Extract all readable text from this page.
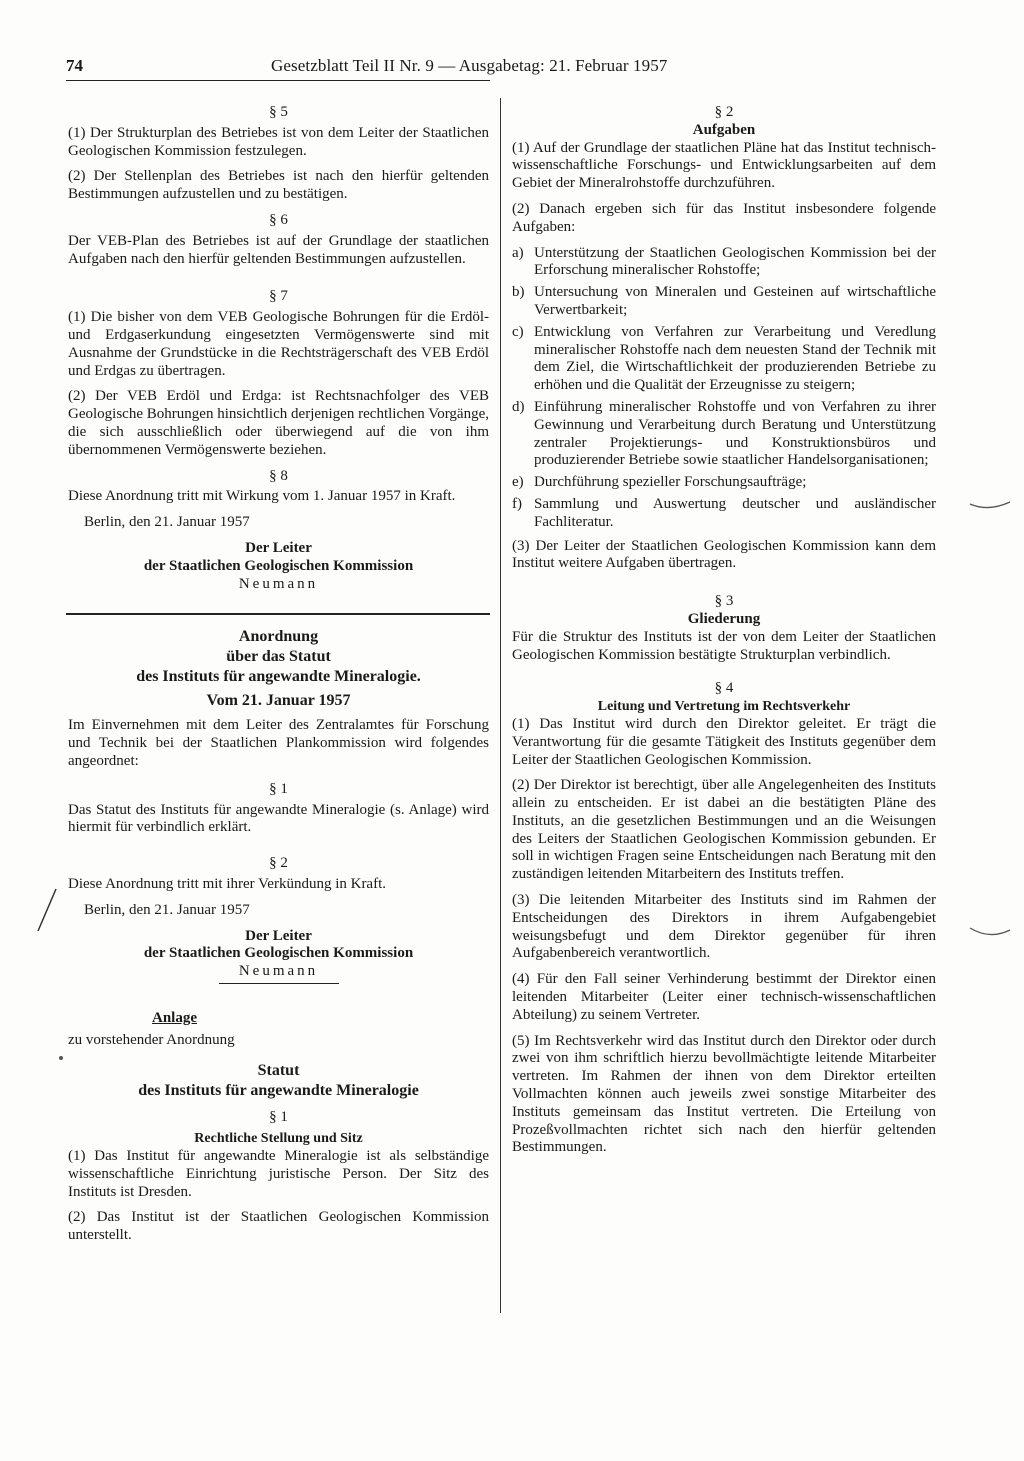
74	Gesetzblatt Teil II Nr. 9 — Ausgabetag: 21. Februar 1957
§ 5

(1) Der Strukturplan des Betriebes ist von dem Leiter der Staatlichen Geologischen Kommission festzulegen.

(2) Der Stellenplan des Betriebes ist nach den hierfür geltenden Bestimmungen aufzustellen und zu bestätigen.

§ 6

Der VEB-Plan des Betriebes ist auf der Grundlage der staatlichen Aufgaben nach den hierfür geltenden Bestimmungen aufzustellen.

§ 7

(1) Die bisher von dem VEB Geologische Bohrungen für die Erdöl- und Erdgaserkundung eingesetzten Vermögenswerte sind mit Ausnahme der Grundstücke in die Rechtsträgerschaft des VEB Erdöl und Erdgas zu übertragen.

(2) Der VEB Erdöl und Erdga: ist Rechtsnachfolger des VEB Geologische Bohrungen hinsichtlich derjenigen rechtlichen Vorgänge, die sich ausschließlich oder überwiegend auf die von ihm übernommenen Vermögenswerte beziehen.

§ 8

Diese Anordnung tritt mit Wirkung vom 1. Januar 1957 in Kraft.

Berlin, den 21. Januar 1957

Der Leiter
der Staatlichen Geologischen Kommission
Neumann
Anordnung
über das Statut
des Instituts für angewandte Mineralogie.
Vom 21. Januar 1957

Im Einvernehmen mit dem Leiter des Zentralamtes für Forschung und Technik bei der Staatlichen Plankommission wird folgendes angeordnet:

§ 1

Das Statut des Instituts für angewandte Mineralogie (s. Anlage) wird hiermit für verbindlich erklärt.

§ 2

Diese Anordnung tritt mit ihrer Verkündung in Kraft.

Berlin, den 21. Januar 1957

Der Leiter
der Staatlichen Geologischen Kommission
Neumann
Anlage

zu vorstehender Anordnung

Statut
des Instituts für angewandte Mineralogie
§ 1
Rechtliche Stellung und Sitz

(1) Das Institut für angewandte Mineralogie ist als selbständige wissenschaftliche Einrichtung juristische Person. Der Sitz des Instituts ist Dresden.

(2) Das Institut ist der Staatlichen Geologischen Kommission unterstellt.

§ 2
Aufgaben

(1) Auf der Grundlage der staatlichen Pläne hat das Institut technisch-wissenschaftliche Forschungs- und Entwicklungsarbeiten auf dem Gebiet der Mineralrohstoffe durchzuführen.

(2) Danach ergeben sich für das Institut insbesondere folgende Aufgaben:

a) Unterstützung der Staatlichen Geologischen Kommission bei der Erforschung mineralischer Rohstoffe;
b) Untersuchung von Mineralen und Gesteinen auf wirtschaftliche Verwertbarkeit;
c) Entwicklung von Verfahren zur Verarbeitung und Veredlung mineralischer Rohstoffe nach dem neuesten Stand der Technik mit dem Ziel, die Wirtschaftlichkeit der produzierenden Betriebe zu erhöhen und die Qualität der Erzeugnisse zu steigern;
d) Einführung mineralischer Rohstoffe und von Verfahren zu ihrer Gewinnung und Verarbeitung durch Beratung und Unterstützung zentraler Projektierungs- und Konstruktionsbüros und produzierender Betriebe sowie staatlicher Handelsorganisationen;
e) Durchführung spezieller Forschungsaufträge;
f) Sammlung und Auswertung deutscher und ausländischer Fachliteratur.

(3) Der Leiter der Staatlichen Geologischen Kommission kann dem Institut weitere Aufgaben übertragen.

§ 3
Gliederung

Für die Struktur des Instituts ist der von dem Leiter der Staatlichen Geologischen Kommission bestätigte Strukturplan verbindlich.

§ 4
Leitung und Vertretung im Rechtsverkehr

(1) Das Institut wird durch den Direktor geleitet. Er trägt die Verantwortung für die gesamte Tätigkeit des Instituts gegenüber dem Leiter der Staatlichen Geologischen Kommission.

(2) Der Direktor ist berechtigt, über alle Angelegenheiten des Instituts allein zu entscheiden. Er ist dabei an die bestätigten Pläne des Instituts, an die gesetzlichen Bestimmungen und an die Weisungen des Leiters der Staatlichen Geologischen Kommission gebunden. Er soll in wichtigen Fragen seine Entscheidungen nach Beratung mit den zuständigen leitenden Mitarbeitern des Instituts treffen.

(3) Die leitenden Mitarbeiter des Instituts sind im Rahmen der Entscheidungen des Direktors in ihrem Aufgabengebiet weisungsbefugt und dem Direktor gegenüber für ihren Aufgabenbereich verantwortlich.

(4) Für den Fall seiner Verhinderung bestimmt der Direktor einen leitenden Mitarbeiter (Leiter einer technisch-wissenschaftlichen Abteilung) zu seinem Vertreter.

(5) Im Rechtsverkehr wird das Institut durch den Direktor oder durch zwei von ihm schriftlich hierzu bevollmächtigte leitende Mitarbeiter vertreten. Im Rahmen der ihnen von dem Direktor erteilten Vollmachten können auch jeweils zwei sonstige Mitarbeiter des Instituts gemeinsam das Institut vertreten. Die Erteilung von Prozeßvollmachten richtet sich nach den hierfür geltenden Bestimmungen.
